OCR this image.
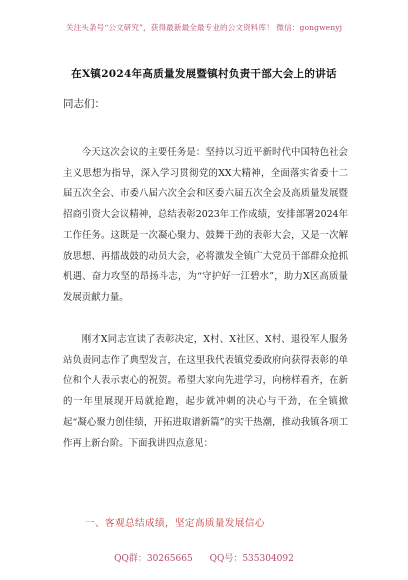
关注头条号“公文研究”，获得最新最全最专业的公文资料库！ 微信：gongwenyj
在X镇2024年高质量发展暨镇村负责干部大会上的讲话
同志们：
今天这次会议的主要任务是：坚持以习近平新时代中国特色社会主义思想为指导，深入学习贯彻党的XX大精神，全面落实省委十二届五次全会、市委八届六次全会和区委六届五次全会及高质量发展暨招商引资大会议精神，总结表彰2023年工作成绩，安排部署2024年工作任务。这既是一次凝心聚力、鼓舞干劲的表彰大会，又是一次解放思想、再擂战鼓的动员大会，必将激发全镇广大党员干部群众抢抓机遇、奋力攻坚的昂扬斗志，为“守护好一江碧水”，助力X区高质量发展贡献力量。
刚才X同志宣读了表彰决定，X村、X社区、X村、退役军人服务站负责同志作了典型发言，在这里我代表镇党委政府向获得表彰的单位和个人表示衷心的祝贺。希望大家向先进学习，向榜样看齐，在新的一年里展现开局就抢跑，起步就冲刺的决心与干劲，在全镇掀起“凝心聚力创佳绩，开拓进取谱新篇”的实干热潮，推动我镇各项工作再上新台阶。下面我讲四点意见：
一、客观总结成绩，坚定高质量发展信心
QQ群：30265665 QQ号：535304092
